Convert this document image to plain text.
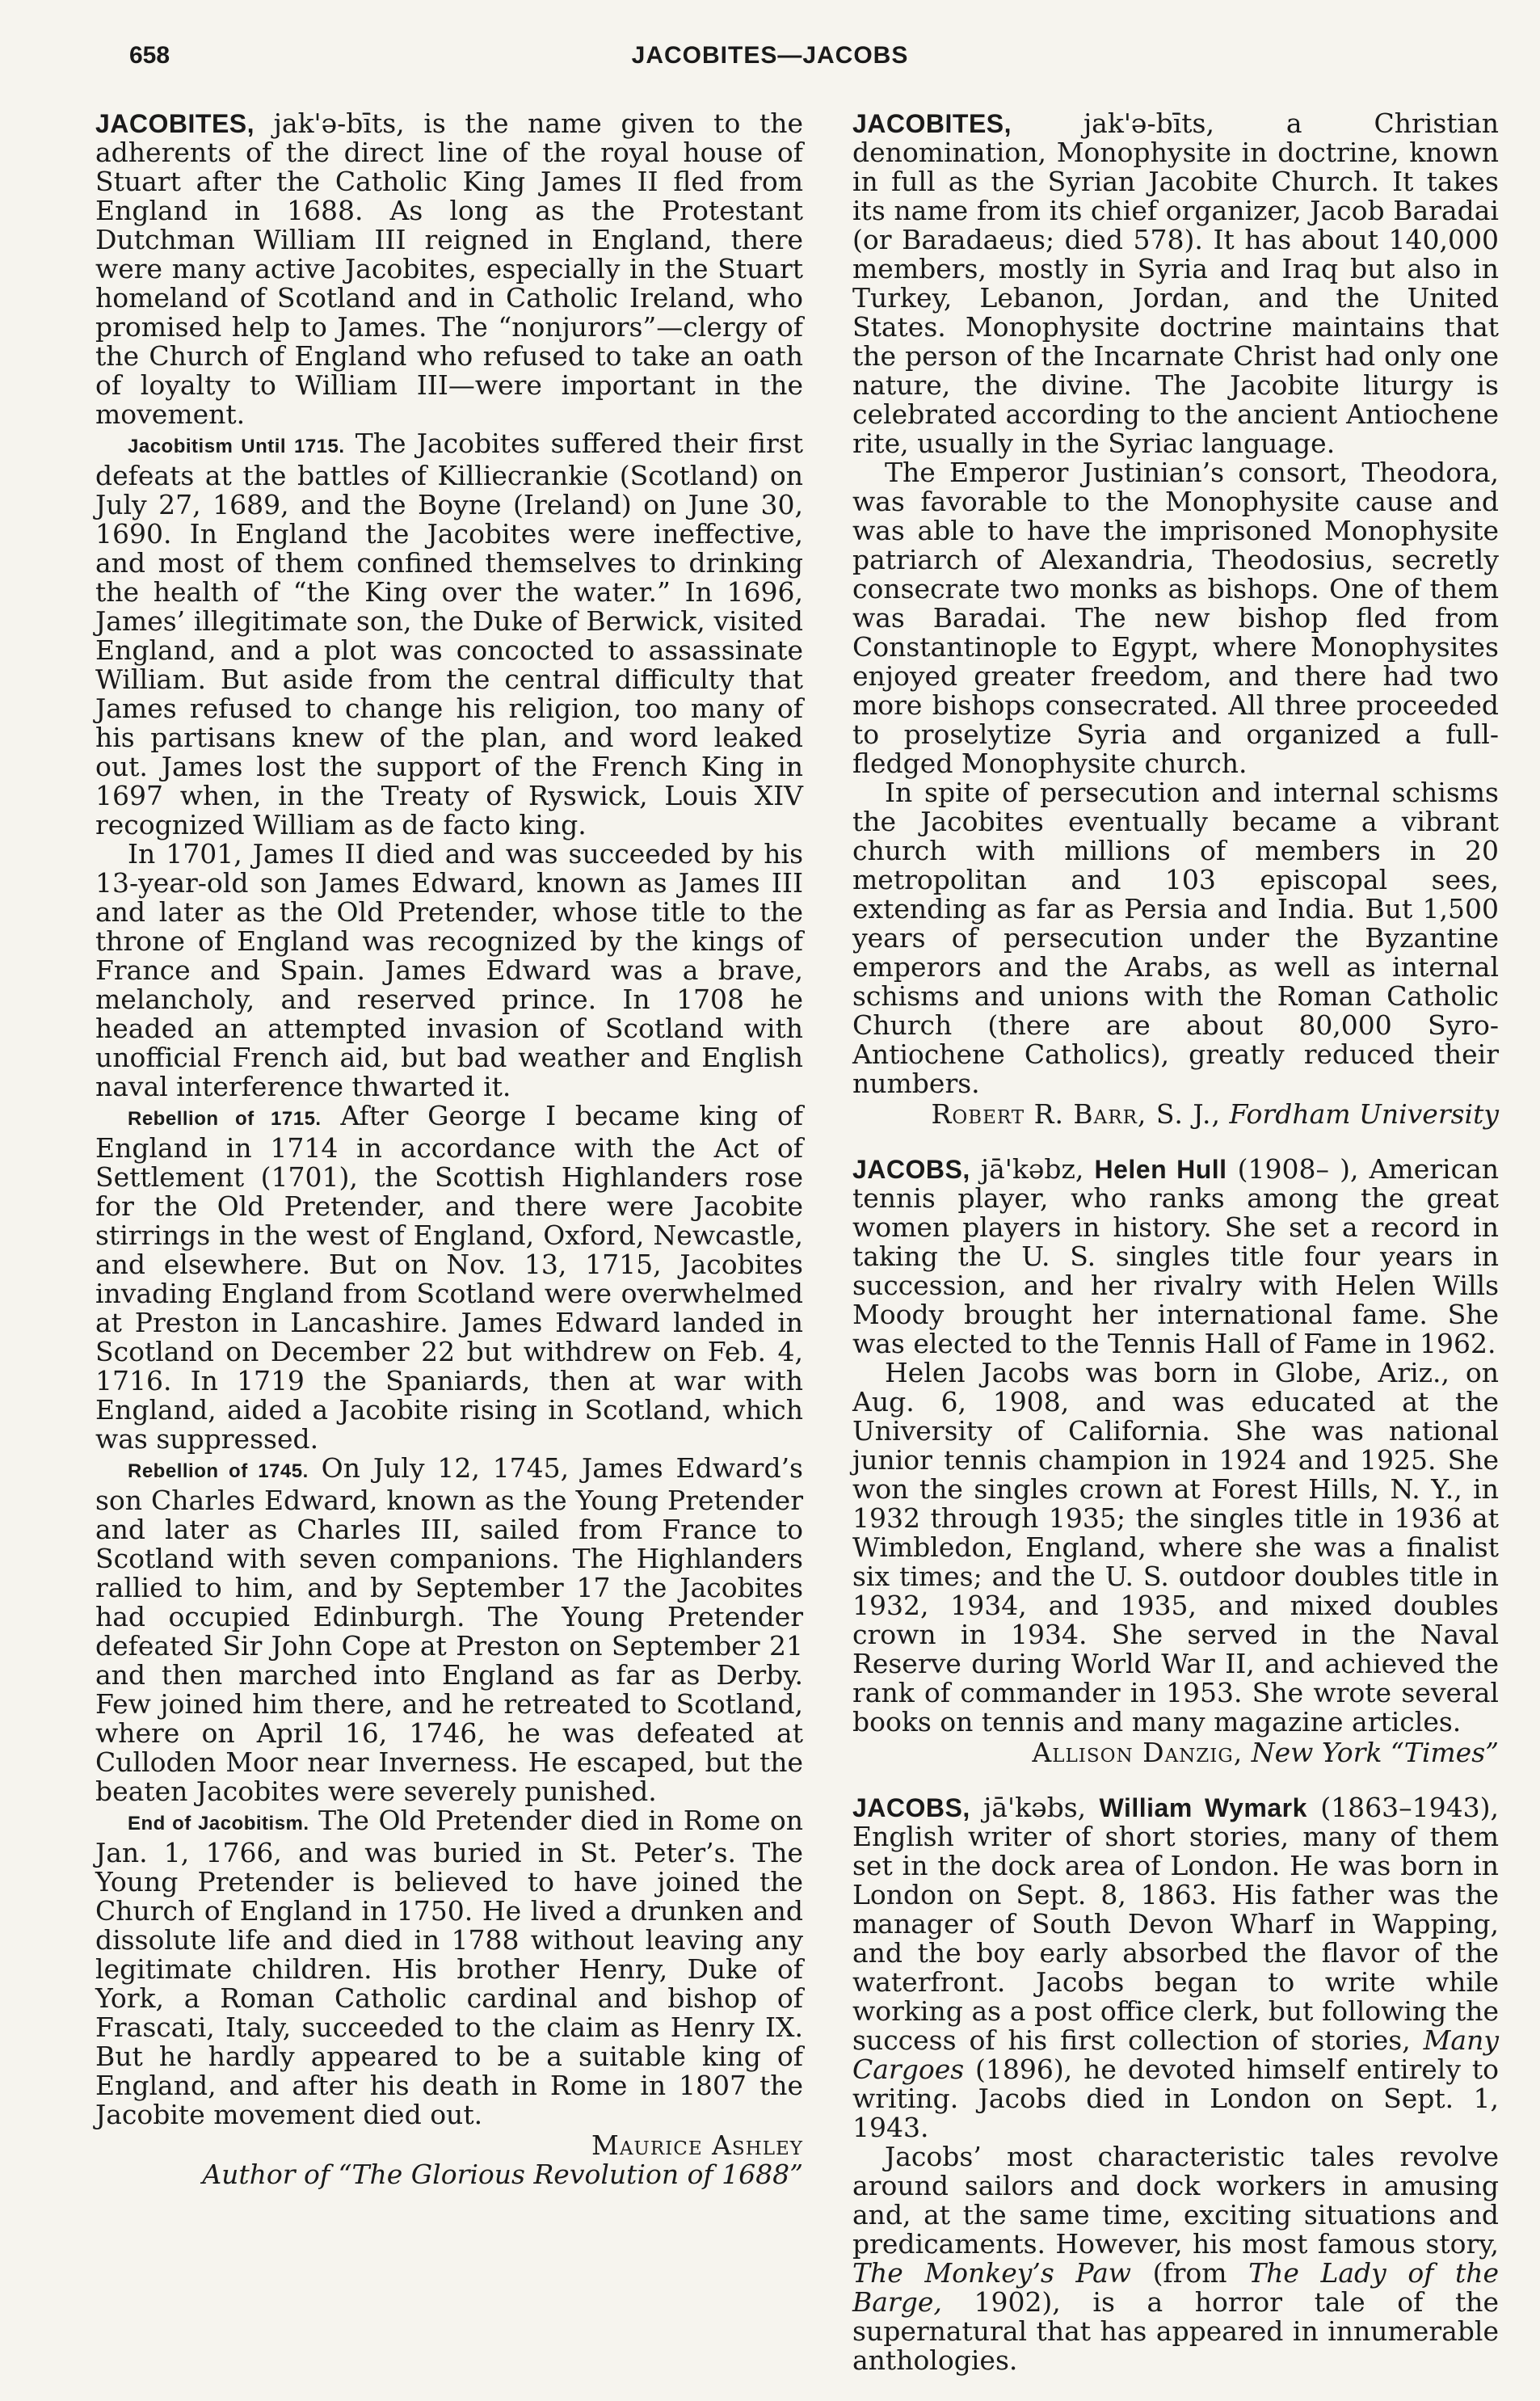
658	JACOBITES—JACOBS

JACOBITES, jak'ə-bīts, is the name given to the adherents of the direct line of the royal house of Stuart after the Catholic King James II fled from England in 1688. As long as the Protestant Dutchman William III reigned in England, there were many active Jacobites, especially in the Stuart homeland of Scotland and in Catholic Ireland, who promised help to James. The “nonjurors”—clergy of the Church of England who refused to take an oath of loyalty to William III—were important in the movement.

Jacobitism Until 1715. The Jacobites suffered their first defeats at the battles of Killiecrankie (Scotland) on July 27, 1689, and the Boyne (Ireland) on June 30, 1690. In England the Jacobites were ineffective, and most of them confined themselves to drinking the health of “the King over the water.” In 1696, James’ illegitimate son, the Duke of Berwick, visited England, and a plot was concocted to assassinate William. But aside from the central difficulty that James refused to change his religion, too many of his partisans knew of the plan, and word leaked out. James lost the support of the French King in 1697 when, in the Treaty of Ryswick, Louis XIV recognized William as de facto king.

In 1701, James II died and was succeeded by his 13-year-old son James Edward, known as James III and later as the Old Pretender, whose title to the throne of England was recognized by the kings of France and Spain. James Edward was a brave, melancholy, and reserved prince. In 1708 he headed an attempted invasion of Scotland with unofficial French aid, but bad weather and English naval interference thwarted it.

Rebellion of 1715. After George I became king of England in 1714 in accordance with the Act of Settlement (1701), the Scottish Highlanders rose for the Old Pretender, and there were Jacobite stirrings in the west of England, Oxford, Newcastle, and elsewhere. But on Nov. 13, 1715, Jacobites invading England from Scotland were overwhelmed at Preston in Lancashire. James Edward landed in Scotland on December 22 but withdrew on Feb. 4, 1716. In 1719 the Spaniards, then at war with England, aided a Jacobite rising in Scotland, which was suppressed.

Rebellion of 1745. On July 12, 1745, James Edward’s son Charles Edward, known as the Young Pretender and later as Charles III, sailed from France to Scotland with seven companions. The Highlanders rallied to him, and by September 17 the Jacobites had occupied Edinburgh. The Young Pretender defeated Sir John Cope at Preston on September 21 and then marched into England as far as Derby. Few joined him there, and he retreated to Scotland, where on April 16, 1746, he was defeated at Culloden Moor near Inverness. He escaped, but the beaten Jacobites were severely punished.

End of Jacobitism. The Old Pretender died in Rome on Jan. 1, 1766, and was buried in St. Peter’s. The Young Pretender is believed to have joined the Church of England in 1750. He lived a drunken and dissolute life and died in 1788 without leaving any legitimate children. His brother Henry, Duke of York, a Roman Catholic cardinal and bishop of Frascati, Italy, succeeded to the claim as Henry IX. But he hardly appeared to be a suitable king of England, and after his death in Rome in 1807 the Jacobite movement died out.

Maurice Ashley
Author of “The Glorious Revolution of 1688”

JACOBITES,	jak'ə-bīts,	a Christian denomination, Monophysite in doctrine, known in full as the Syrian Jacobite Church. It takes its name from its chief organizer, Jacob Baradai (or Baradaeus; died 578). It has about 140,000 members, mostly in Syria and Iraq but also in Turkey, Lebanon, Jordan, and the United States. Monophysite doctrine maintains that the person of the Incarnate Christ had only one nature, the divine. The Jacobite liturgy is celebrated according to the ancient Antiochene rite, usually in the Syriac language.

The Emperor Justinian’s consort, Theodora, was favorable to the Monophysite cause and was able to have the imprisoned Monophysite patriarch of Alexandria, Theodosius, secretly consecrate two monks as bishops. One of them was Baradai. The new bishop fled from Constantinople to Egypt, where Monophysites enjoyed greater freedom, and there had two more bishops consecrated. All three proceeded to proselytize Syria and organized a full-fledged Monophysite church.

In spite of persecution and internal schisms the Jacobites eventually became a vibrant church with millions of members in 20 metropolitan and 103 episcopal sees, extending as far as Persia and India. But 1,500 years of persecution under the Byzantine emperors and the Arabs, as well as internal schisms and unions with the Roman Catholic Church (there are about 80,000 Syro-Antiochene Catholics), greatly reduced their numbers.

Robert R. Barr, S. J., Fordham University

JACOBS, jā'kəbz, Helen Hull (1908– ), American tennis player, who ranks among the great women players in history. She set a record in taking the U. S. singles title four years in succession, and her rivalry with Helen Wills Moody brought her international fame. She was elected to the Tennis Hall of Fame in 1962.

Helen Jacobs was born in Globe, Ariz., on Aug. 6, 1908, and was educated at the University of California. She was national junior tennis champion in 1924 and 1925. She won the singles crown at Forest Hills, N. Y., in 1932 through 1935; the singles title in 1936 at Wimbledon, England, where she was a finalist six times; and the U. S. outdoor doubles title in 1932, 1934, and 1935, and mixed doubles crown in 1934. She served in the Naval Reserve during World War II, and achieved the rank of commander in 1953. She wrote several books on tennis and many magazine articles.

Allison Danzig, New York “Times”

JACOBS, jā'kəbs, William Wymark (1863–1943), English writer of short stories, many of them set in the dock area of London. He was born in London on Sept. 8, 1863. His father was the manager of South Devon Wharf in Wapping, and the boy early absorbed the flavor of the waterfront. Jacobs began to write while working as a post office clerk, but following the success of his first collection of stories, Many Cargoes (1896), he devoted himself entirely to writing. Jacobs died in London on Sept. 1, 1943.

Jacobs’ most characteristic tales revolve around sailors and dock workers in amusing and, at the same time, exciting situations and predicaments. However, his most famous story, The Monkey’s Paw (from The Lady of the Barge, 1902), is a horror tale of the supernatural that has appeared in innumerable anthologies.
